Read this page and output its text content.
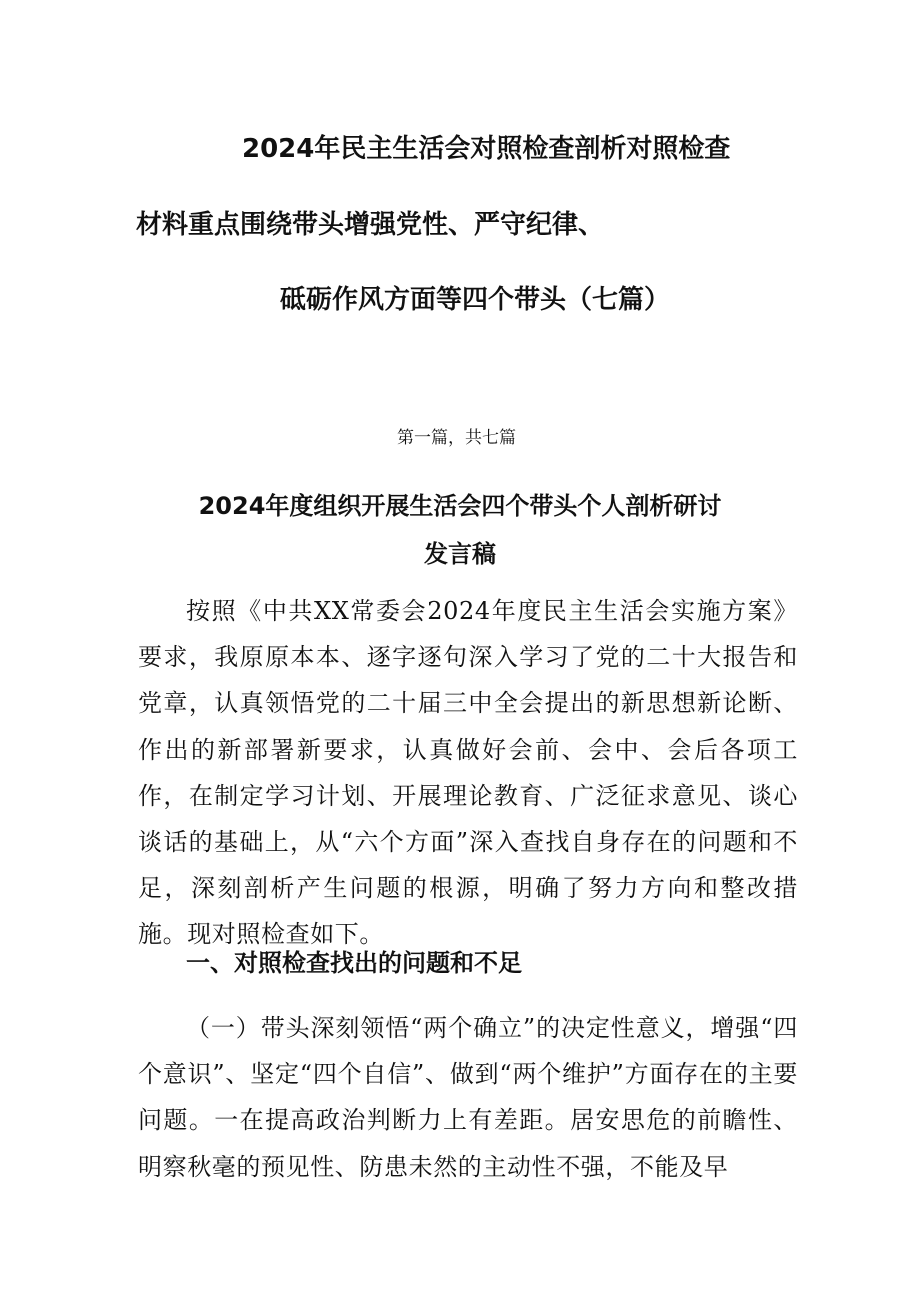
2024年民主生活会对照检查剖析对照检查
材料重点围绕带头增强党性、严守纪律、
砥砺作风方面等四个带头（七篇）
第一篇，共七篇
2024年度组织开展生活会四个带头个人剖析研讨
发言稿

按照《中共XX常委会2024年度民主生活会实施方案》要求，我原原本本、逐字逐句深入学习了党的二十大报告和党章，认真领悟党的二十届三中全会提出的新思想新论断、作出的新部署新要求，认真做好会前、会中、会后各项工作，在制定学习计划、开展理论教育、广泛征求意见、谈心谈话的基础上，从“六个方面”深入查找自身存在的问题和不足，深刻剖析产生问题的根源，明确了努力方向和整改措施。现对照检查如下。

一、对照检查找出的问题和不足

（一）带头深刻领悟“两个确立”的决定性意义，增强“四个意识”、坚定“四个自信”、做到“两个维护”方面存在的主要问题。一在提高政治判断力上有差距。居安思危的前瞻性、明察秋毫的预见性、防患未然的主动性不强，不能及早
